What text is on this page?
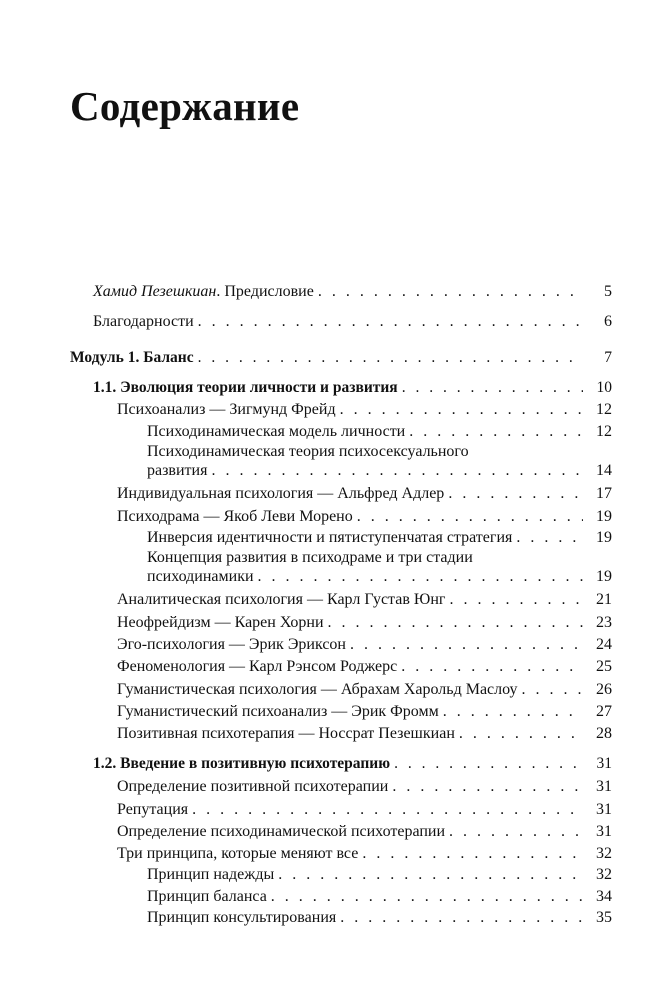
Содержание
Хамид Пезешкиан. Предисловие . . .	5
Благодарности . . .	6
Модуль 1. Баланс . . .	7
1.1. Эволюция теории личности и развития . . .	10
Психоанализ — Зигмунд Фрейд . . .	12
Психодинамическая модель личности . . .	12
Психодинамическая теория психосексуального
развития . . .	14
Индивидуальная психология — Альфред Адлер . . .	17
Психодрама — Якоб Леви Морено . . .	19
Инверсия идентичности и пятиступенчатая стратегия . . .	19
Концепция развития в психодраме и три стадии
психодинамики . . .	19
Аналитическая психология — Карл Густав Юнг . . .	21
Неофрейдизм — Карен Хорни . . .	23
Эго-психология — Эрик Эриксон . . .	24
Феноменология — Карл Рэнсом Роджерс . . .	25
Гуманистическая психология — Абрахам Харольд Маслоу . . .	26
Гуманистический психоанализ — Эрик Фромм . . .	27
Позитивная психотерапия — Носсрат Пезешкиан . . .	28
1.2. Введение в позитивную психотерапию . . .	31
Определение позитивной психотерапии . . .	31
Репутация . . .	31
Определение психодинамической психотерапии . . .	31
Три принципа, которые меняют все . . .	32
Принцип надежды . . .	32
Принцип баланса . . .	34
Принцип консультирования . . .	35
